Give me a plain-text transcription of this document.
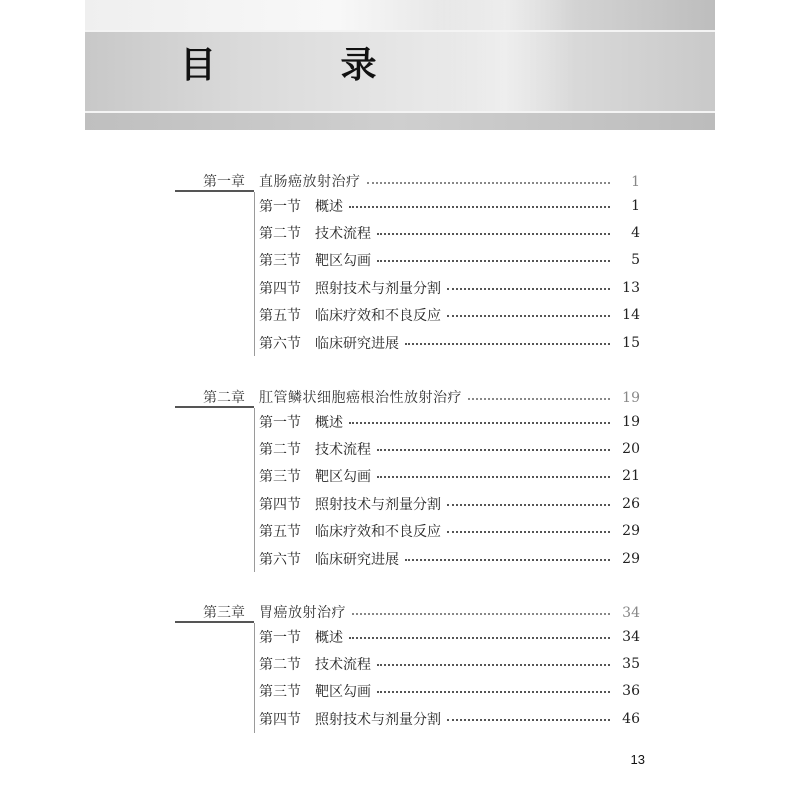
目 录
第一章 直肠癌放射治疗	1
第一节 概述	1
第二节 技术流程	4
第三节 靶区勾画	5
第四节 照射技术与剂量分割	13
第五节 临床疗效和不良反应	14
第六节 临床研究进展	15
第二章 肛管鳞状细胞癌根治性放射治疗	19
第一节 概述	19
第二节 技术流程	20
第三节 靶区勾画	21
第四节 照射技术与剂量分割	26
第五节 临床疗效和不良反应	29
第六节 临床研究进展	29
第三章 胃癌放射治疗	34
第一节 概述	34
第二节 技术流程	35
第三节 靶区勾画	36
第四节 照射技术与剂量分割	46
13
